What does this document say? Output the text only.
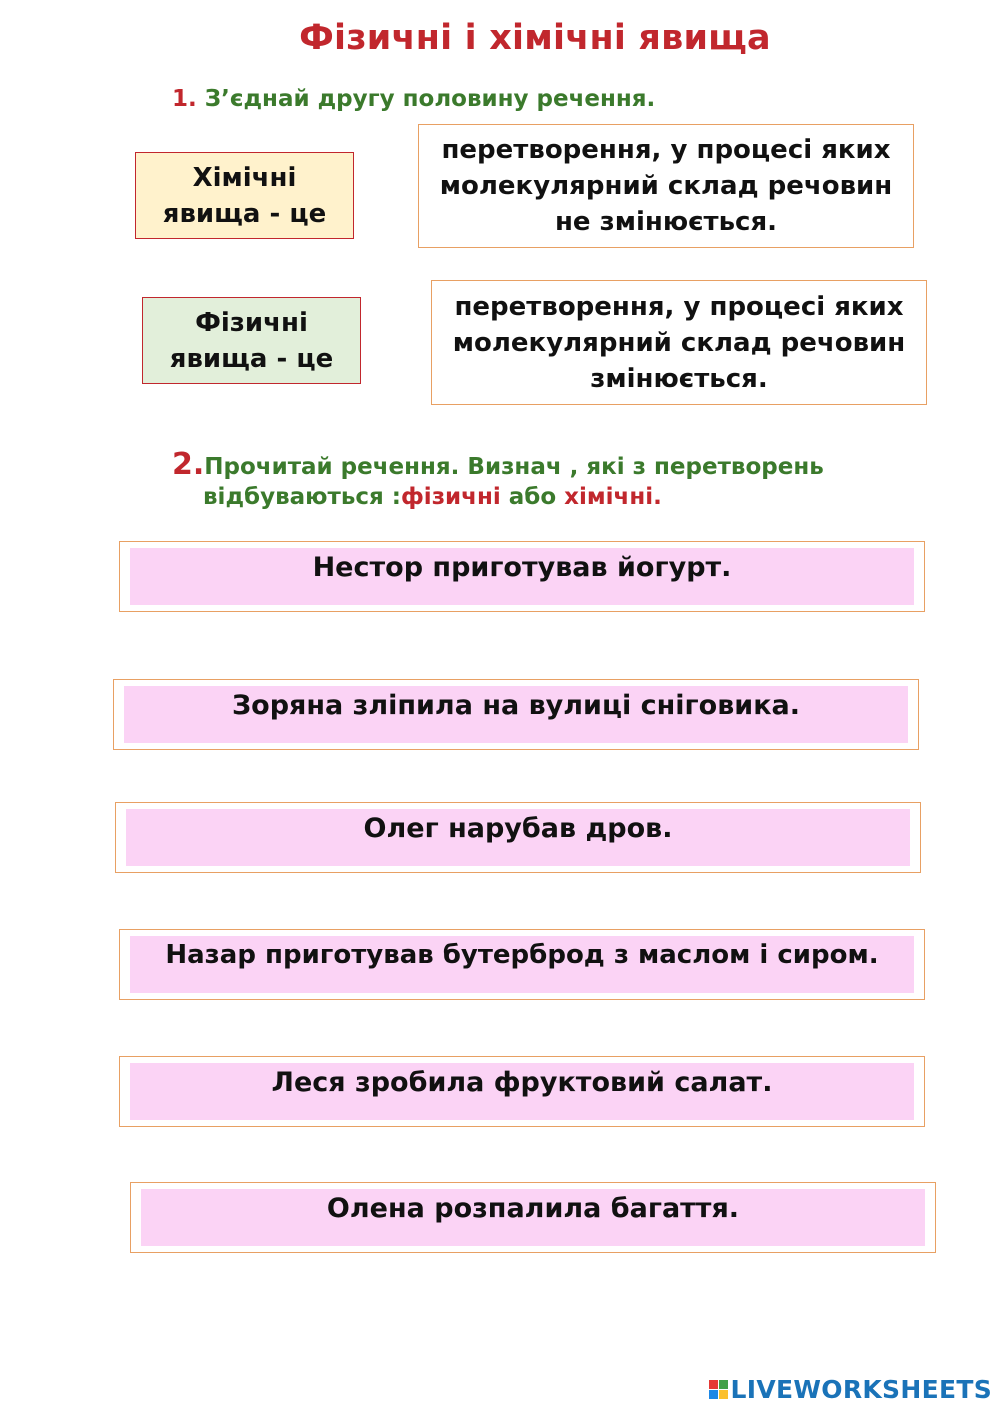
Фізичні і хімічні явища
1. З’єднай другу половину речення.
Хімічні
явища - це
Фізичні
явища - це
перетворення, у процесі яких
молекулярний склад речовин
не змінюється.
перетворення, у процесі яких
молекулярний склад речовин
змінюється.
2.Прочитай речення. Визнач , які з перетворень
відбуваються :фізичні або хімічні.
Нестор приготував йогурт.
Зоряна зліпила на вулиці сніговика.
Олег нарубав дров.
Назар приготував бутерброд з маслом і сиром.
Леся зробила фруктовий салат.
Олена розпалила багаття.
LIVEWORKSHEETS
